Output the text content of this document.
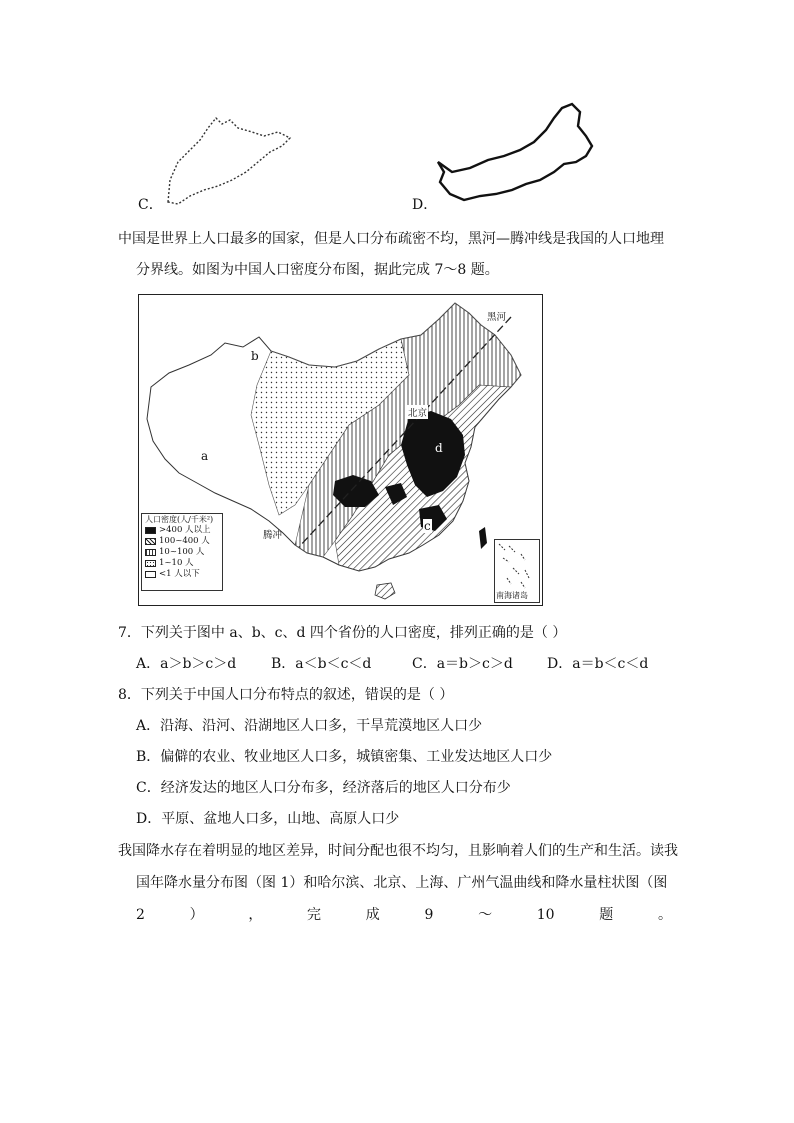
C．	D．
中国是世界上人口最多的国家，但是人口分布疏密不均，黑河—腾冲线是我国的人口地理
分界线。如图为中国人口密度分布图，据此完成 7～8 题。
黑河
腾冲
北京
a
b
c
d
人口密度(人/千米²)
>400 人以上
100~400 人
10~100 人
1~10 人
<1 人以下
南海诸岛
7．下列关于图中 a、b、c、d 四个省份的人口密度，排列正确的是（ ）
A．a＞b＞c＞d B．a＜b＜c＜d	C．a＝b＞c＞d D．a＝b＜c＜d
8．下列关于中国人口分布特点的叙述，错误的是（ ）
A．沿海、沿河、沿湖地区人口多，干旱荒漠地区人口少
B．偏僻的农业、牧业地区人口多，城镇密集、工业发达地区人口少
C．经济发达的地区人口分布多，经济落后的地区人口分布少
D．平原、盆地人口多，山地、高原人口少
我国降水存在着明显的地区差异，时间分配也很不均匀，且影响着人们的生产和生活。读我
国年降水量分布图（图 1）和哈尔滨、北京、上海、广州气温曲线和降水量柱状图（图
2	）	，	完	成	9	～	10	题	。
